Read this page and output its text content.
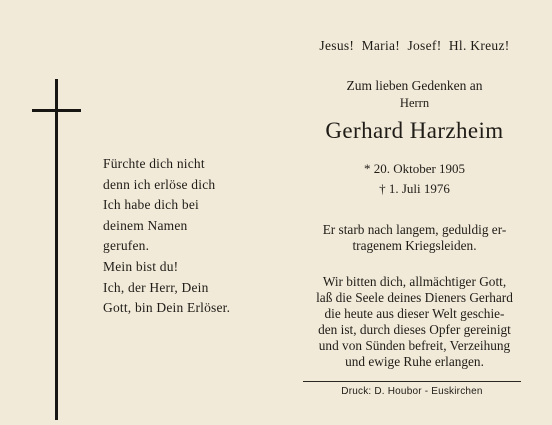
Fürchte dich nicht
denn ich erlöse dich
Ich habe dich bei
deinem Namen
gerufen.
Mein bist du!
Ich, der Herr, Dein
Gott, bin Dein Erlöser.
Jesus!  Maria!  Josef!  Hl. Kreuz!
Zum lieben Gedenken an
Herrn
Gerhard Harzheim
* 20. Oktober 1905
† 1. Juli 1976
Er starb nach langem, geduldig er-
tragenem Kriegsleiden.
Wir bitten dich, allmächtiger Gott,
laß die Seele deines Dieners Gerhard
die heute aus dieser Welt geschie-
den ist, durch dieses Opfer gereinigt
und von Sünden befreit, Verzeihung
und ewige Ruhe erlangen.
Druck: D. Houbor - Euskirchen
